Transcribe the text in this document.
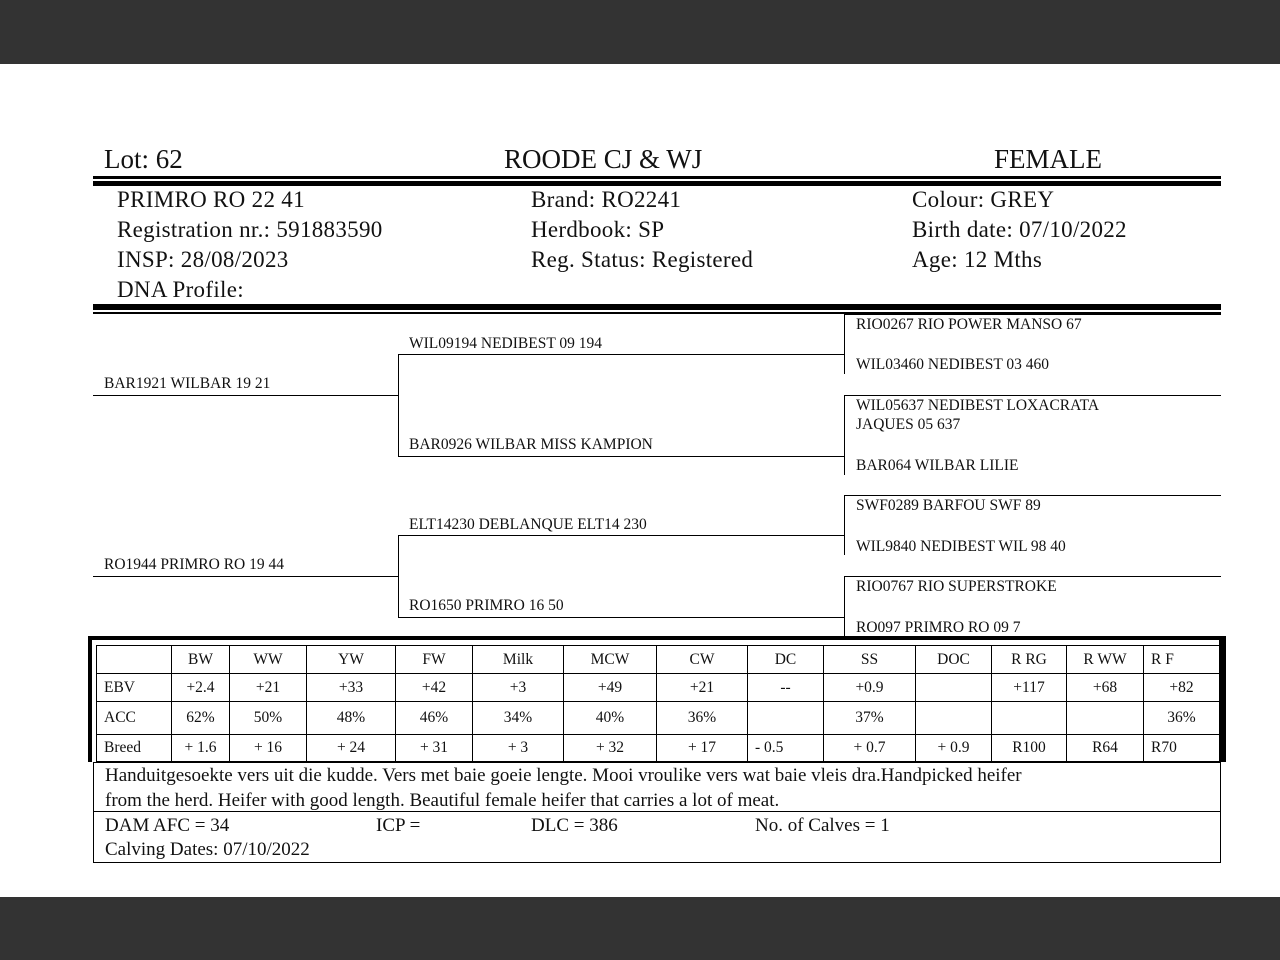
Lot: 62	ROODE CJ & WJ	FEMALE
PRIMRO RO 22 41
Registration nr.: 591883590
INSP: 28/08/2023
DNA Profile:
Brand: RO2241
Herdbook: SP
Reg. Status: Registered
Colour: GREY
Birth date: 07/10/2022
Age: 12 Mths
BAR1921 WILBAR 19 21
RO1944 PRIMRO RO 19 44
WIL09194 NEDIBEST 09 194
BAR0926 WILBAR MISS KAMPION
ELT14230 DEBLANQUE ELT14 230
RO1650 PRIMRO 16 50
RIO0267 RIO POWER MANSO 67
WIL03460 NEDIBEST 03 460
WIL05637 NEDIBEST LOXACRATA
JAQUES 05 637
BAR064 WILBAR LILIE
SWF0289 BARFOU SWF 89
WIL9840 NEDIBEST WIL 98 40
RIO0767 RIO SUPERSTROKE
RO097 PRIMRO RO 09 7
	BW	WW	YW	FW	Milk	MCW	CW	DC	SS	DOC	R RG	R WW	R F
EBV	+2.4	+21	+33	+42	+3	+49	+21	--	+0.9		+117	+68	+82
ACC	62%	50%	48%	46%	34%	40%	36%		37%				36%
Breed	+ 1.6	+ 16	+ 24	+ 31	+ 3	+ 32	+ 17	- 0.5	+ 0.7	+ 0.9	R100	R64	R70
Handuitgesoekte vers uit die kudde. Vers met baie goeie lengte. Mooi vroulike vers wat baie vleis dra.Handpicked heifer
from the herd. Heifer with good length. Beautiful female heifer that carries a lot of meat.
DAM AFC = 34	ICP =	DLC = 386	No. of Calves = 1
Calving Dates: 07/10/2022
